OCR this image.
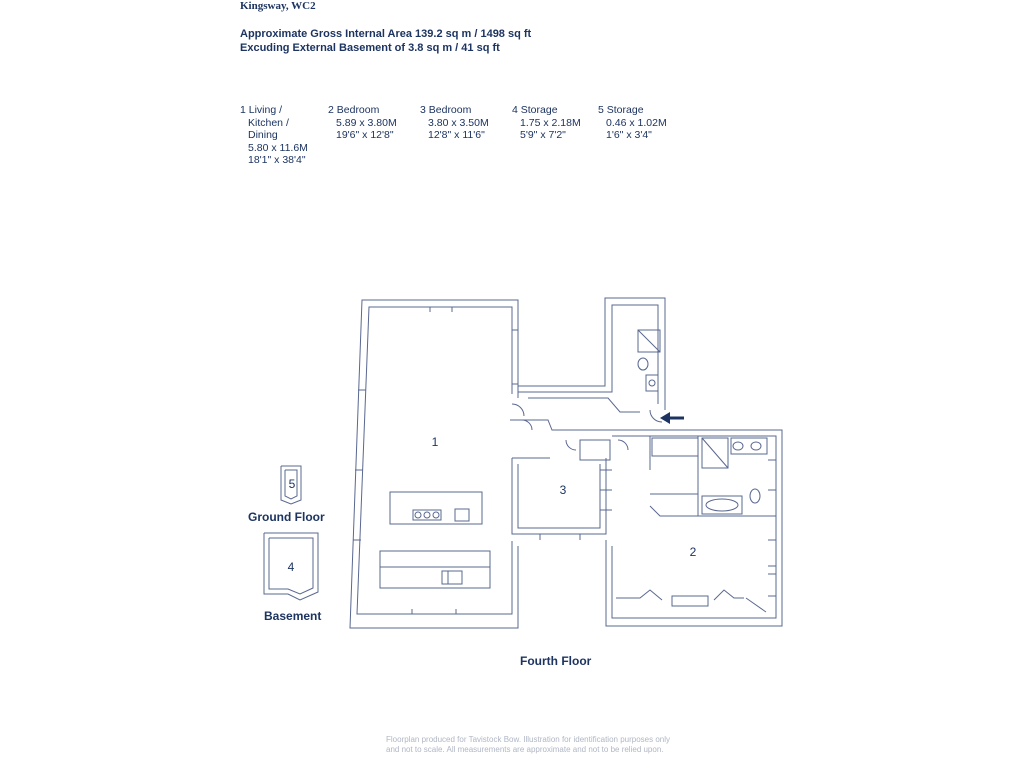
Kingsway, WC2
Approximate Gross Internal Area 139.2 sq m / 1498 sq ft
Excuding External Basement of 3.8 sq m / 41 sq ft
1 Living /
Kitchen /
Dining
5.80 x 11.6M
18'1" x 38'4"
2 Bedroom
5.89 x 3.80M
19'6" x 12'8"
3 Bedroom
3.80 x 3.50M
12'8" x 11'6"
4 Storage
1.75 x 2.18M
5'9" x 7'2"
5 Storage
0.46 x 1.02M
1'6" x 3'4"
1
2
3
4
5
Ground Floor
Basement
Fourth Floor
Floorplan produced for Tavistock Bow. Illustration for identification purposes only and not to scale. All measurements are approximate and not to be relied upon.
